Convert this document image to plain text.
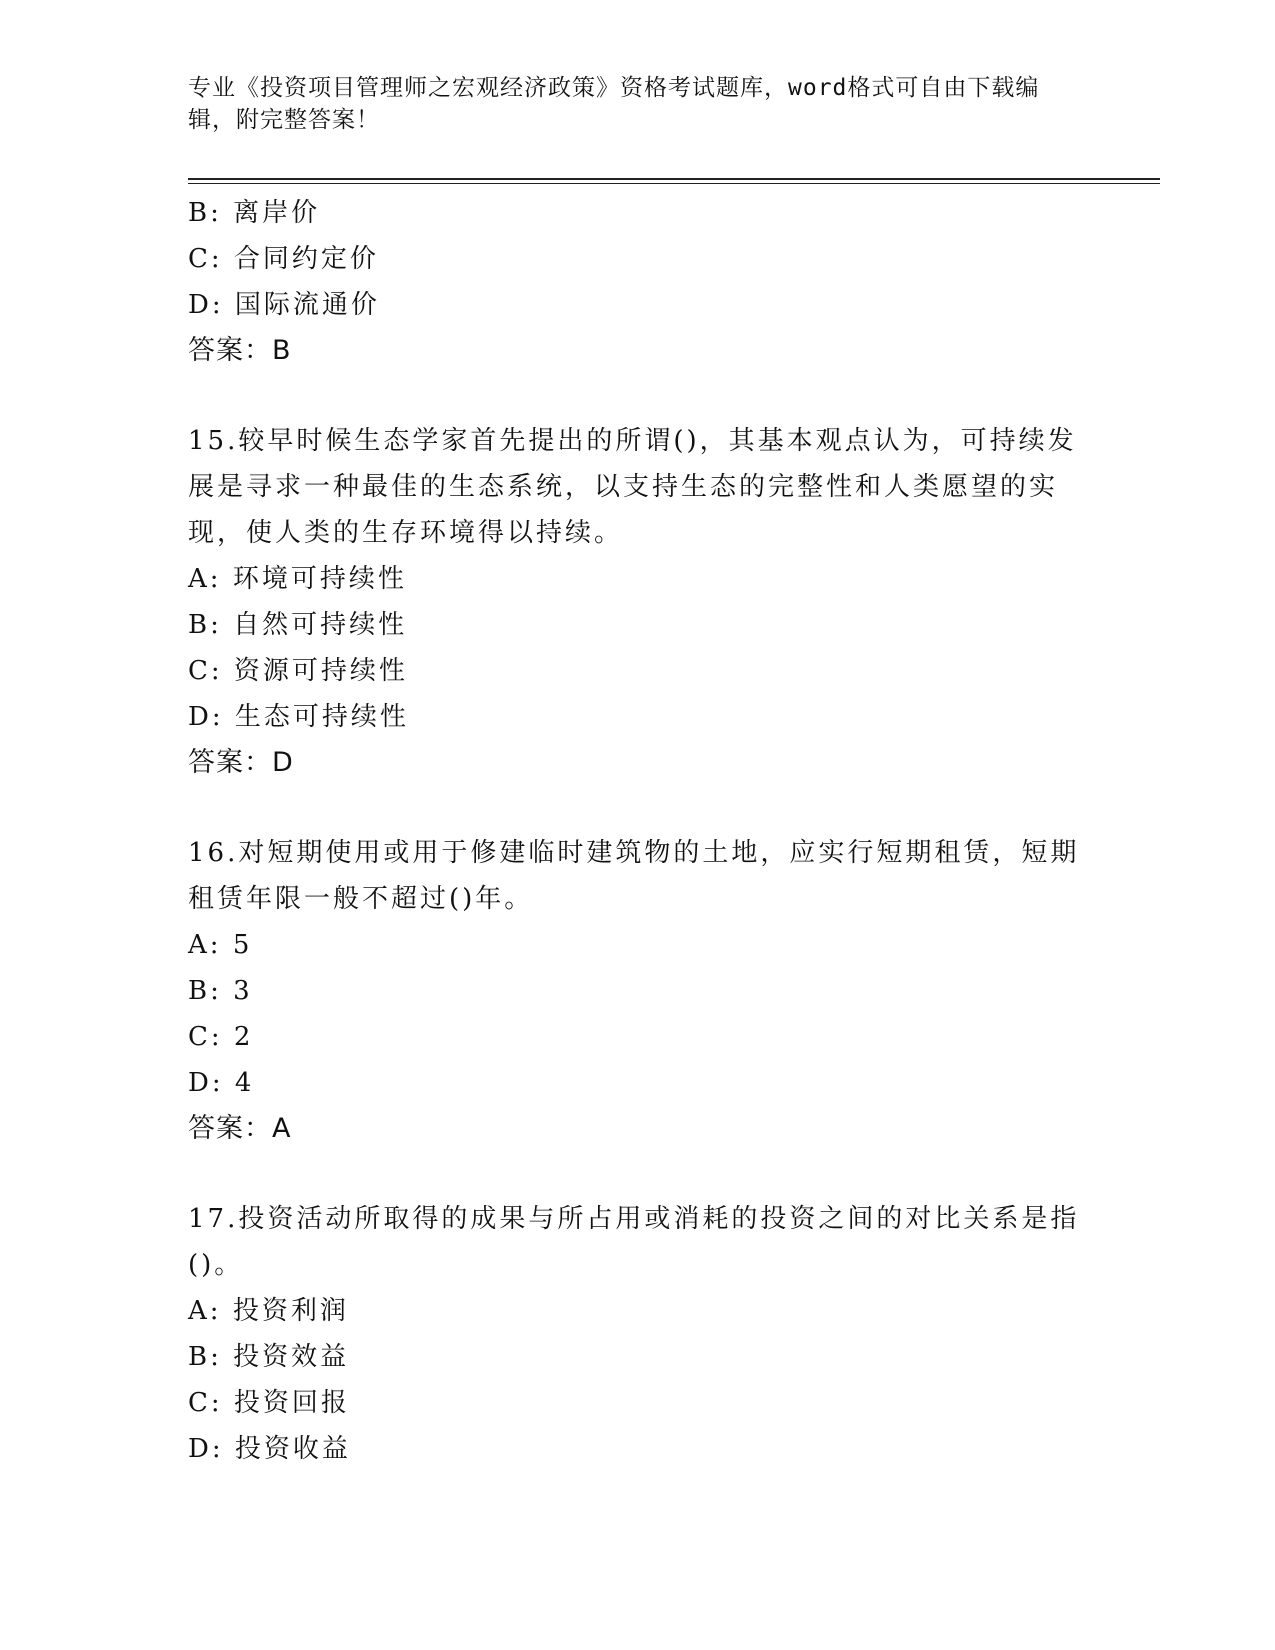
专业《投资项目管理师之宏观经济政策》资格考试题库，word格式可自由下载编
辑，附完整答案！
B: 离岸价
C: 合同约定价
D: 国际流通价
答案：B
15.较早时候生态学家首先提出的所谓()，其基本观点认为，可持续发
展是寻求一种最佳的生态系统，以支持生态的完整性和人类愿望的实
现，使人类的生存环境得以持续。
A: 环境可持续性
B: 自然可持续性
C: 资源可持续性
D: 生态可持续性
答案：D
16.对短期使用或用于修建临时建筑物的土地，应实行短期租赁，短期
租赁年限一般不超过()年。
A: 5
B: 3
C: 2
D: 4
答案：A
17.投资活动所取得的成果与所占用或消耗的投资之间的对比关系是指
()。
A: 投资利润
B: 投资效益
C: 投资回报
D: 投资收益
